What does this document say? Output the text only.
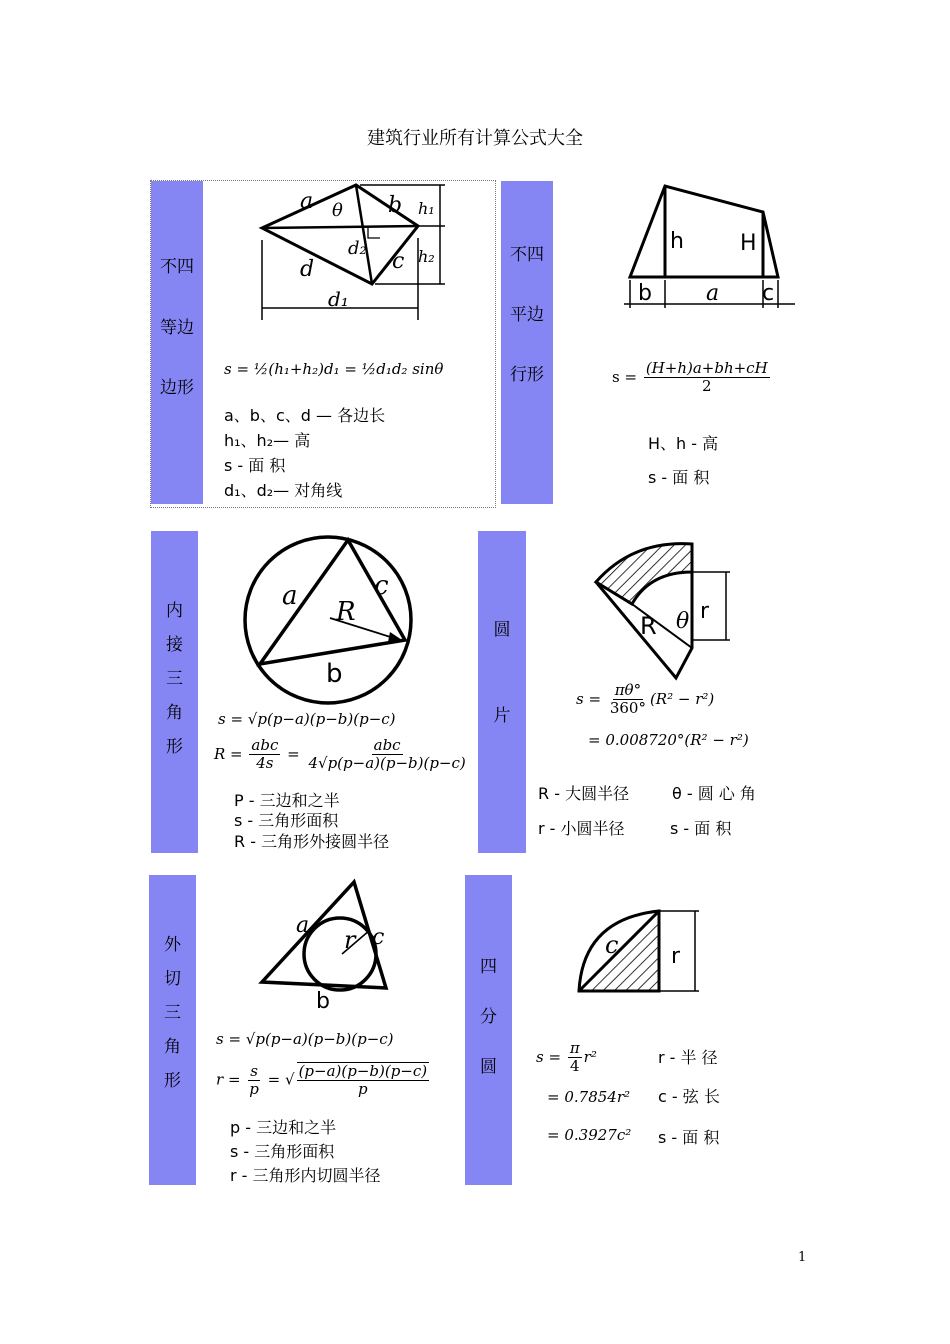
建筑行业所有计算公式大全
不四
等边
边形
a	b
c
d
d₁
d₂
θ	h₁
h₂
s = ½(h₁+h₂)d₁ = ½d₁d₂ sinθ
a、b、c、d — 各边长
h₁、h₂— 高
s - 面 积
d₁、d₂— 对角线
不四
平边
行形
h	H
b a c
$s = \frac{(H+h)a+bh+cH}{2}$
H、h - 高
s - 面 积
内
接
三
角
形
a	c
b
R
s = √p(p−a)(p−b)(p−c)
$R = \frac{\text{abc}}{4s} = \frac{\text{abc}}{4√p(p-a)(p-b)(p-c)}$
P - 三边和之半
s - 三角形面积
R - 三角形外接圆半径
圆
片
R θ r
$s = \frac{\pi\theta^\circ}{360^\circ} (R^2 - r^2)$
= 0.008720°(R² − r²)
R - 大圆半径	θ - 圆 心 角
r - 小圆半径	s - 面 积
外
切
三
角
形
a	c
b
r
s = √p(p−a)(p−b)(p−c)
$r = \frac{s}{p}$ = √ $\frac{(p-a)(p-b)(p-c)}{p}$
p - 三边和之半
s - 三角形面积
r - 三角形内切圆半径
四
分
圆
c r
$s = \frac{\pi}{4} r^2$
= 0.7854r²
= 0.3927c²
r - 半 径
c - 弦 长
s - 面 积
1
